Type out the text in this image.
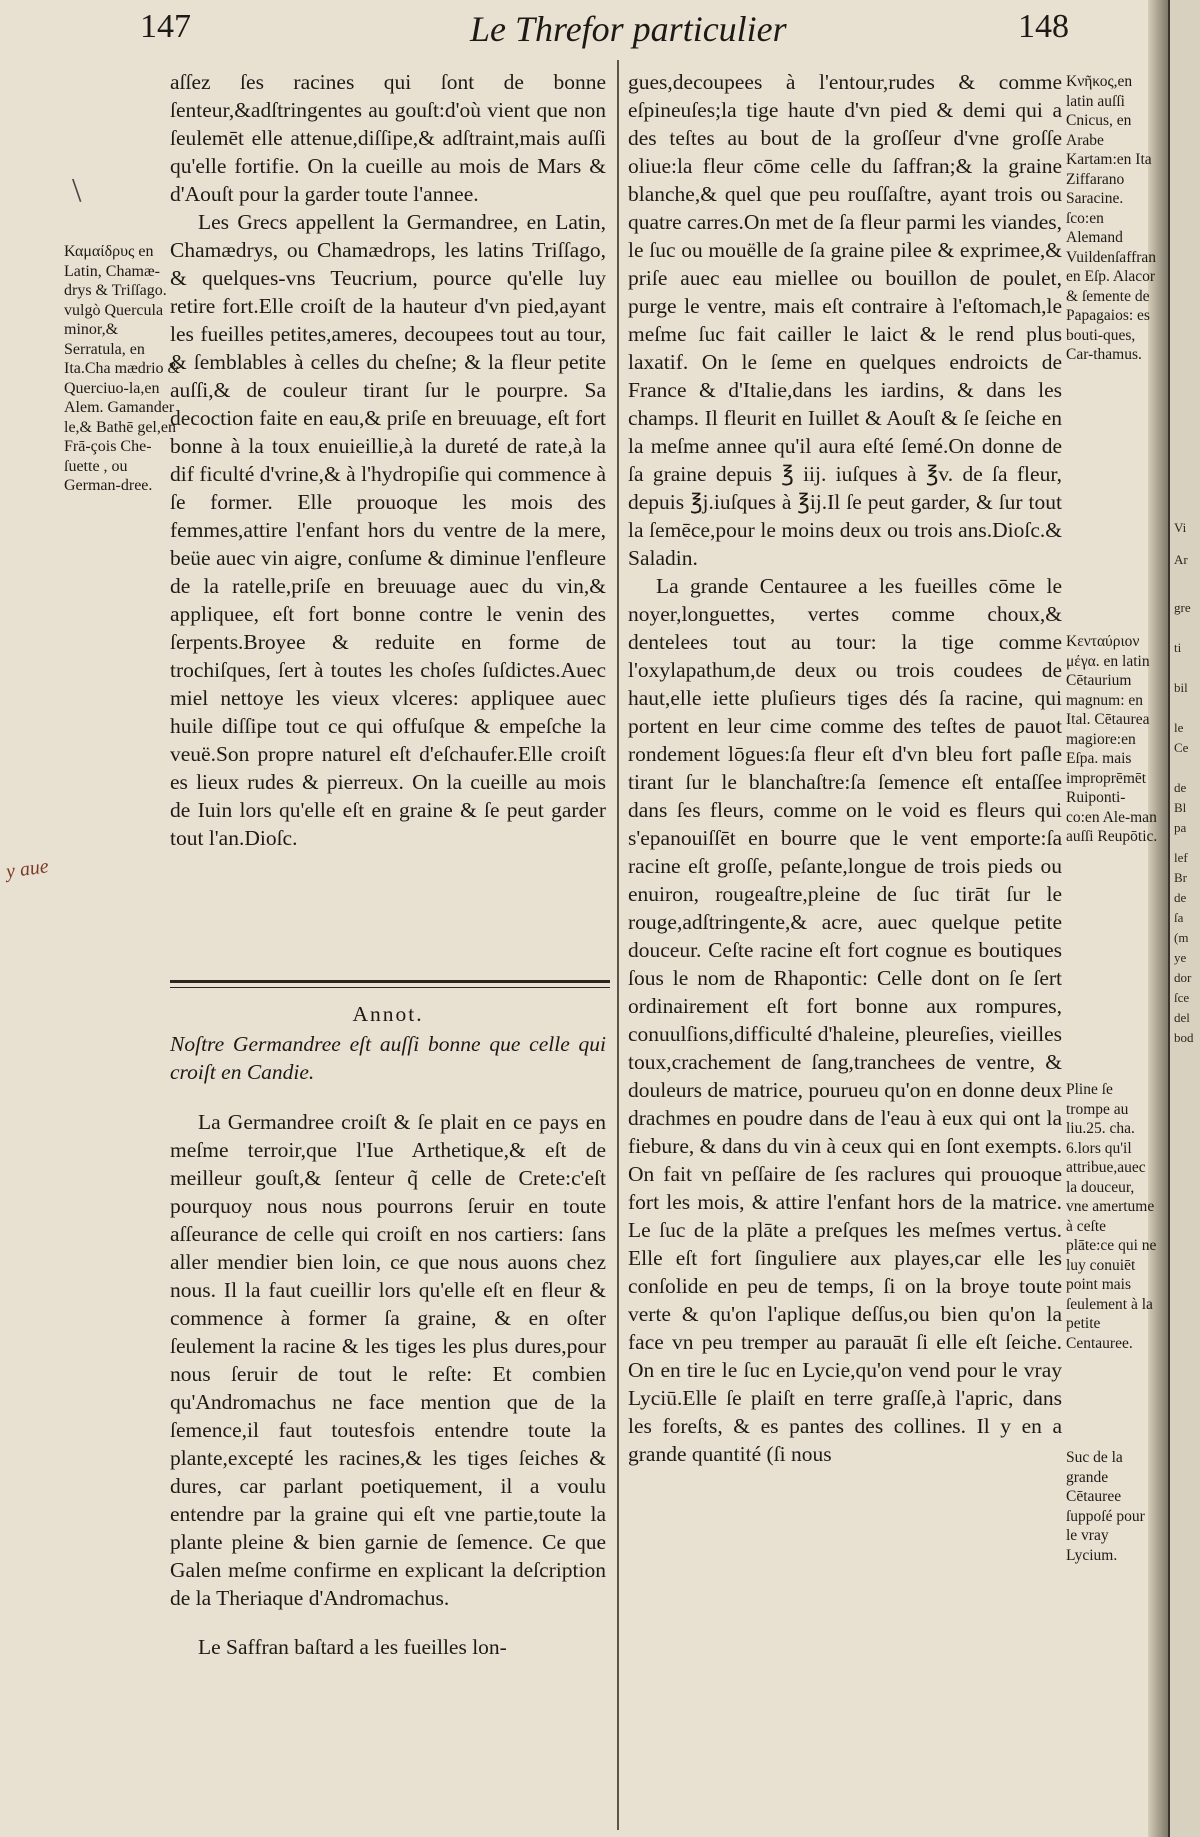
147	Le Threfor particulier	148
\
y aue
Καμαίδρυς en Latin, Chamæ-drys & Triſſago. vulgò Quercula minor,& Serratula, en Ita.Cha mædrio & Querciuo-la,en Alem. Gamander le,& Bathē gel,en Frā-çois Che-ſuette , ou German-dree.

aſſez ſes racines qui ſont de bonne ſenteur,&adſtringentes au gouſt:d'où vient que non ſeulemēt elle attenue,diſſipe,& adſtraint,mais auſſi qu'elle fortifie. On la cueille au mois de Mars & d'Aouſt pour la garder toute l'annee.

Les Grecs appellent la Germandree, en Latin, Chamædrys, ou Chamædrops, les latins Triſſago, & quelques-vns Teucrium, pource qu'elle luy retire fort.Elle croiſt de la hauteur d'vn pied,ayant les fueilles petites,ameres, decoupees tout au tour, & ſemblables à celles du cheſne; & la fleur petite auſſi,& de couleur tirant ſur le pourpre. Sa decoction faite en eau,& priſe en breuuage, eſt fort bonne à la toux enuieillie,à la dureté de rate,à la dif ficulté d'vrine,& à l'hydropiſie qui commence à ſe former. Elle prouoque les mois des femmes,attire l'enfant hors du ventre de la mere, beüe auec vin aigre, conſume & diminue l'enfleure de la ratelle,priſe en breuuage auec du vin,& appliquee, eſt fort bonne contre le venin des ſerpents.Broyee & reduite en forme de trochiſques, ſert à toutes les choſes ſuſdictes.Auec miel nettoye les vieux vlceres: appliquee auec huile diſſipe tout ce qui offuſque & empeſche la veuë.Son propre naturel eſt d'eſchaufer.Elle croiſt es lieux rudes & pierreux. On la cueille au mois de Iuin lors qu'elle eſt en graine & ſe peut garder tout l'an.Dioſc.

Annot.

Noſtre Germandree eſt auſſi bonne que celle qui croiſt en Candie.

La Germandree croiſt & ſe plait en ce pays en meſme terroir,que l'Iue Arthetique,& eſt de meilleur gouſt,& ſenteur q̃ celle de Crete:c'eſt pourquoy nous nous pourrons ſeruir en toute aſſeurance de celle qui croiſt en nos cartiers: ſans aller mendier bien loin, ce que nous auons chez nous. Il la faut cueillir lors qu'elle eſt en fleur & commence à former ſa graine, & en oſter ſeulement la racine & les tiges les plus dures,pour nous ſeruir de tout le reſte: Et combien qu'Andromachus ne face mention que de la ſemence,il faut toutesfois entendre toute la plante,excepté les racines,& les tiges ſeiches & dures, car parlant poetiquement, il a voulu entendre par la graine qui eſt vne partie,toute la plante pleine & bien garnie de ſemence. Ce que Galen meſme confirme en explicant la deſcription de la Theriaque d'Andromachus.

Le Saffran baſtard a les fueilles lon-

gues,decoupees à l'entour,rudes & comme eſpineuſes;la tige haute d'vn pied & demi qui a des teſtes au bout de la groſſeur d'vne groſſe oliue:la fleur cōme celle du ſaffran;& la graine blanche,& quel que peu rouſſaſtre, ayant trois ou quatre carres.On met de ſa fleur parmi les viandes, le ſuc ou mouëlle de ſa graine pilee & exprimee,& priſe auec eau miellee ou bouillon de poulet, purge le ventre, mais eſt contraire à l'eſtomach,le meſme ſuc fait cailler le laict & le rend plus laxatif. On le ſeme en quelques endroicts de France & d'Italie,dans les iardins, & dans les champs. Il fleurit en Iuillet & Aouſt & ſe ſeiche en la meſme annee qu'il aura eſté ſemé.On donne de ſa graine depuis ℥ iij. iuſques à ℥v. de ſa fleur, depuis ℥j.iuſques à ℥ij.Il ſe peut garder, & ſur tout la ſemēce,pour le moins deux ou trois ans.Dioſc.& Saladin.

La grande Centauree a les fueilles cōme le noyer,longuettes, vertes comme choux,& dentelees tout au tour: la tige comme l'oxylapathum,de deux ou trois coudees de haut,elle iette pluſieurs tiges dés ſa racine, qui portent en leur cime comme des teſtes de pauot rondement lōgues:ſa fleur eſt d'vn bleu fort paſle tirant ſur le blanchaſtre:ſa ſemence eſt entaſſee dans ſes fleurs, comme on le void es fleurs qui s'epanouiſſēt en bourre que le vent emporte:ſa racine eſt groſſe, peſante,longue de trois pieds ou enuiron, rougeaſtre,pleine de ſuc tirāt ſur le rouge,adſtringente,& acre, auec quelque petite douceur. Ceſte racine eſt fort cognue es boutiques ſous le nom de Rhapontic: Celle dont on ſe ſert ordinairement eſt fort bonne aux rompures, conuulſions,difficulté d'haleine, pleureſies, vieilles toux,crachement de ſang,tranchees de ventre, & douleurs de matrice, pourueu qu'on en donne deux drachmes en poudre dans de l'eau à eux qui ont la fiebure, & dans du vin à ceux qui en ſont exempts. On fait vn peſſaire de ſes raclures qui prouoque fort les mois, & attire l'enfant hors de la matrice. Le ſuc de la plāte a preſques les meſmes vertus. Elle eſt fort ſinguliere aux playes,car elle les conſolide en peu de temps, ſi on la broye toute verte & qu'on l'aplique deſſus,ou bien qu'on la face vn peu tremper au parauāt ſi elle eſt ſeiche. On en tire le ſuc en Lycie,qu'on vend pour le vray Lyciū.Elle ſe plaiſt en terre graſſe,à l'apric, dans les foreſts, & es pantes des collines. Il y en a grande quantité (ſi nous

Κνῆκος,en latin auſſi Cnicus, en Arabe Kartam:en Ita Ziffarano Saracine. ſco:en Alemand Vuildenſaffran en Eſp. Alacor & ſemente de Papagaios: es bouti-ques, Car-thamus.
Κενταύριον μέγα. en latin Cētaurium magnum: en Ital. Cētaurea magiore:en Eſpa. mais improprēmēt Ruiponti-co:en Ale-man auſſi Reupōtic.
Pline ſe trompe au liu.25. cha. 6.lors qu'il attribue,auec la douceur, vne amertume à ceſte plāte:ce qui ne luy conuiēt point mais ſeulement à la petite Centauree.
Suc de la grande Cētauree ſuppoſé pour le vray Lycium.
Vi
Ar
gre
ti
bil
le
Ce
de
Bl
pa
lef
Br
de
ſa
(m
ye
dor
ſce
del
bod
